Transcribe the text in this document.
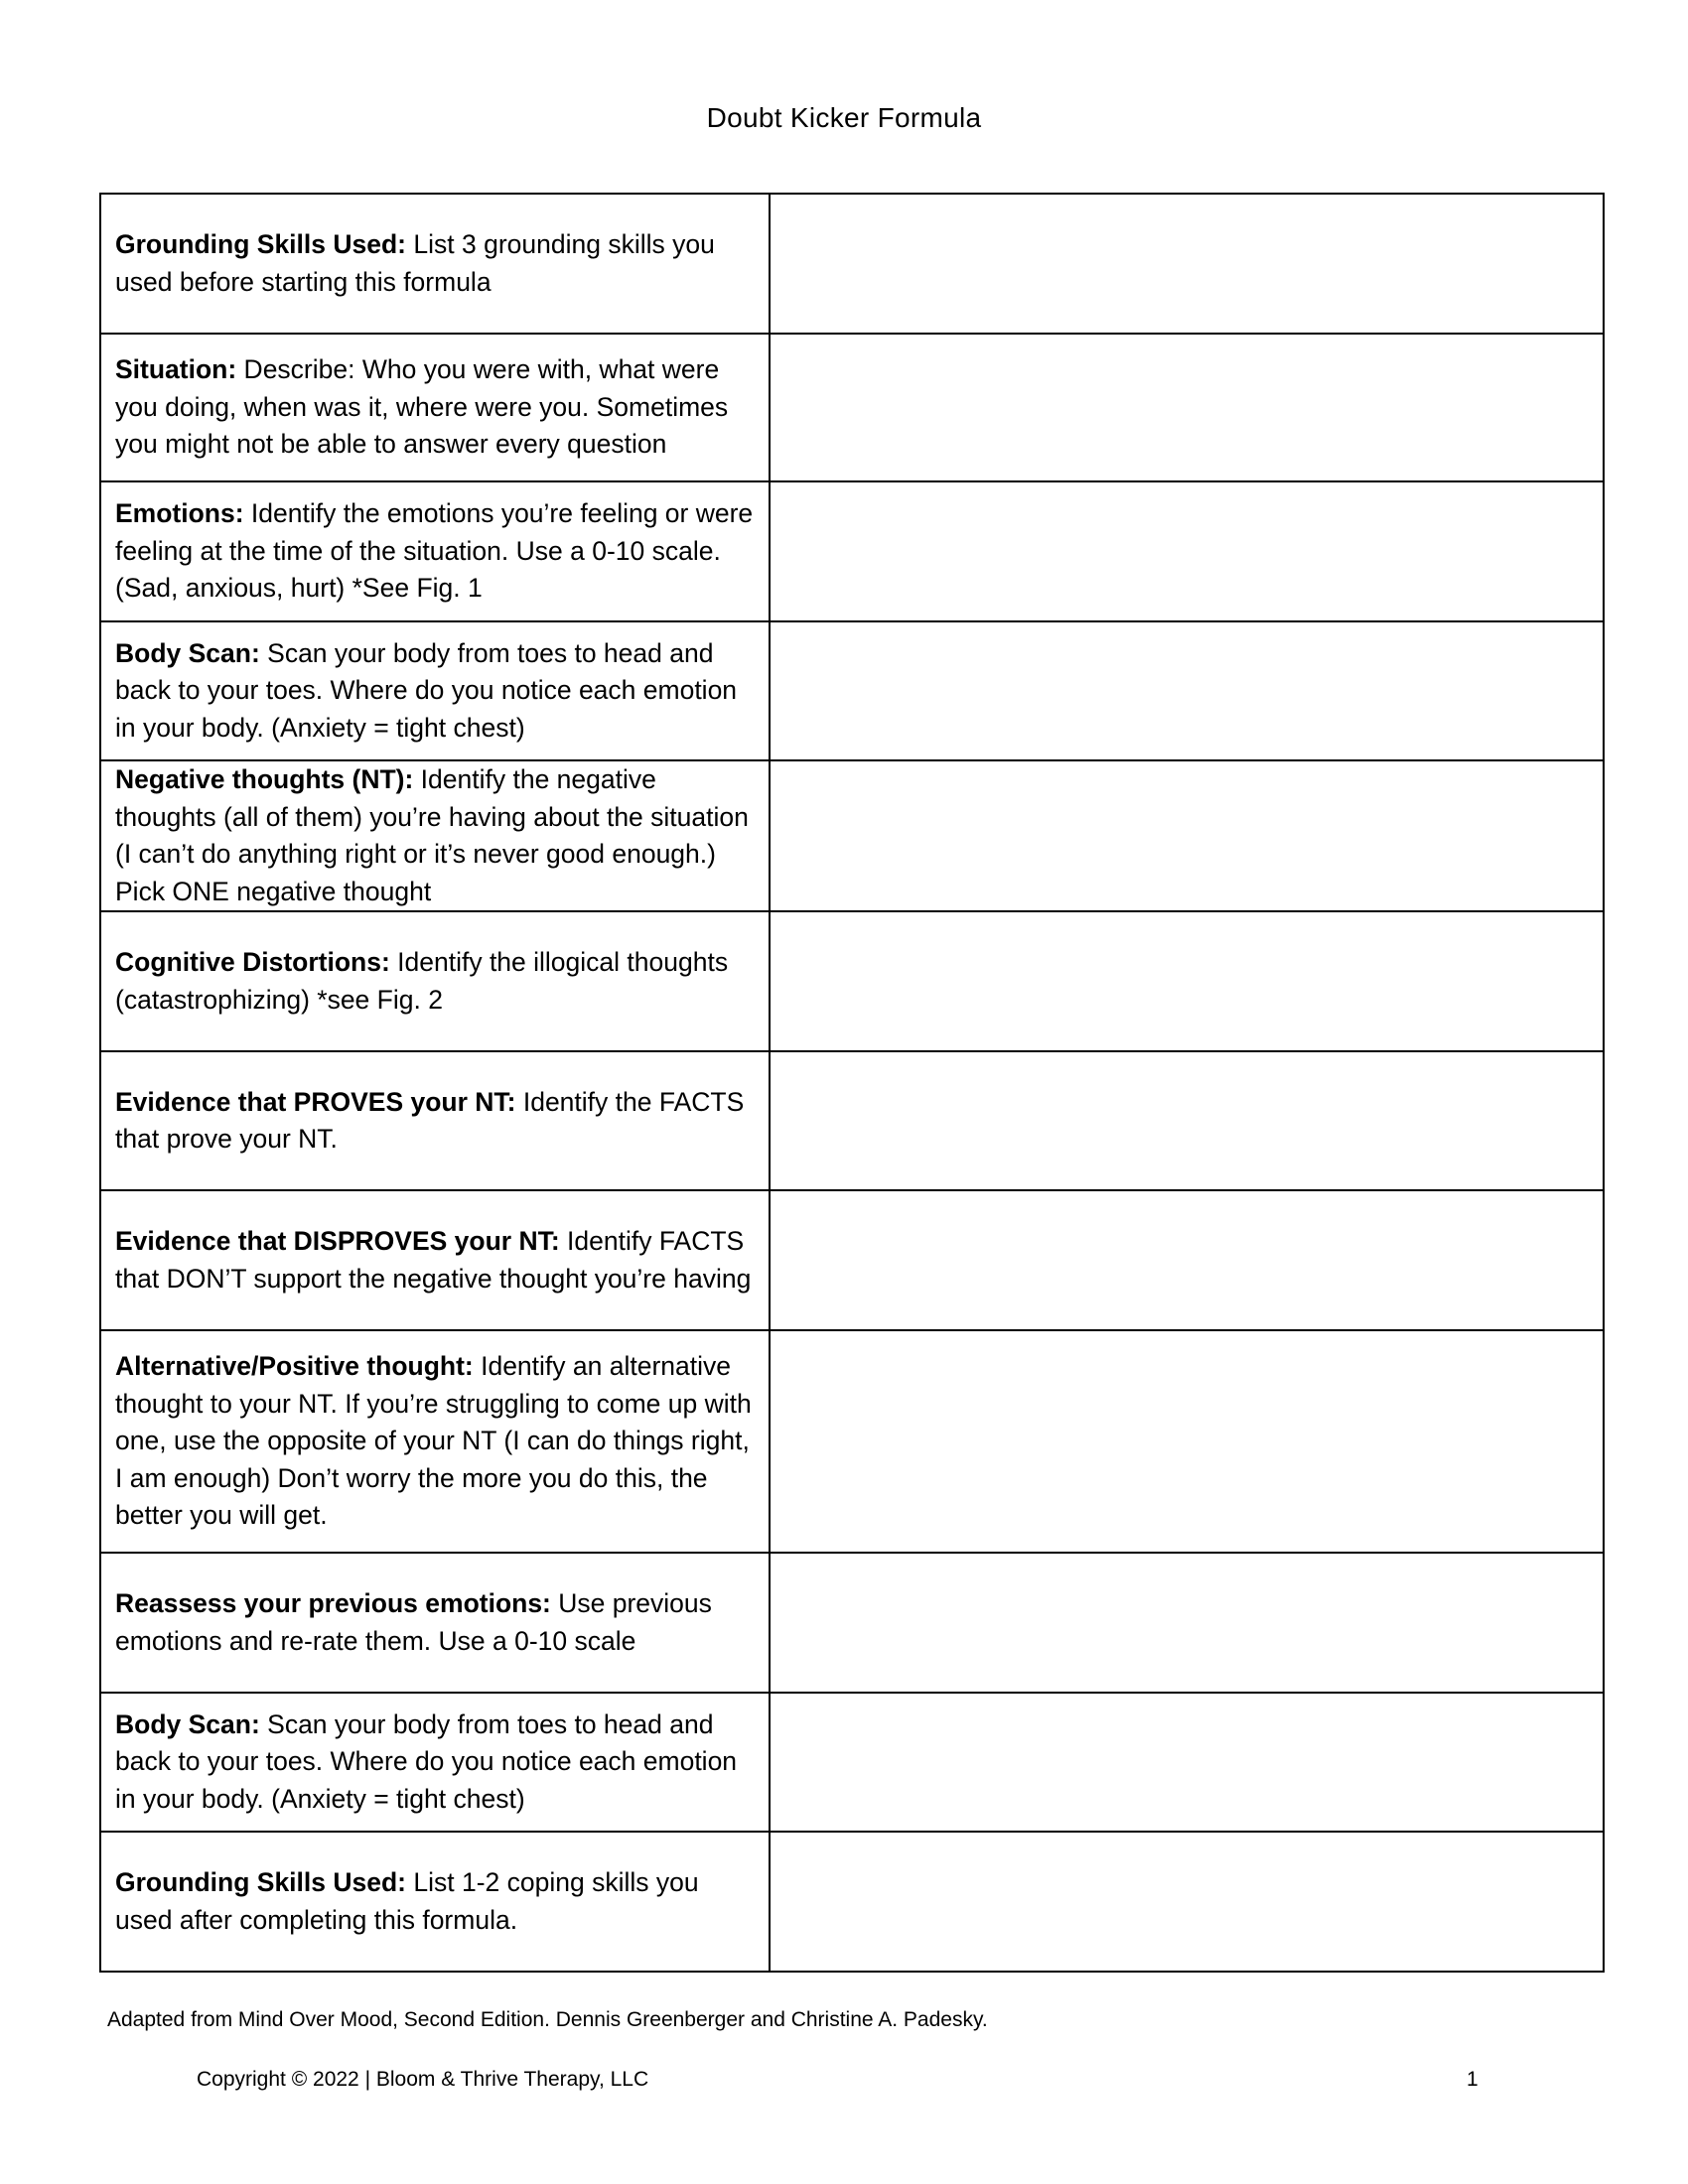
Doubt Kicker Formula
Grounding Skills Used: List 3 grounding skills you used before starting this formula	
Situation: Describe: Who you were with, what were you doing, when was it, where were you. Sometimes you might not be able to answer every question	
Emotions: Identify the emotions you’re feeling or were feeling at the time of the situation. Use a 0-10 scale. (Sad, anxious, hurt) *See Fig. 1	
Body Scan: Scan your body from toes to head and back to your toes. Where do you notice each emotion in your body. (Anxiety = tight chest)	
Negative thoughts (NT): Identify the negative thoughts (all of them) you’re having about the situation (I can’t do anything right or it’s never good enough.) Pick ONE negative thought	
Cognitive Distortions: Identify the illogical thoughts (catastrophizing) *see Fig. 2	
Evidence that PROVES your NT: Identify the FACTS that prove your NT.	
Evidence that DISPROVES your NT: Identify FACTS that DON’T support the negative thought you’re having	
Alternative/Positive thought: Identify an alternative thought to your NT. If you’re struggling to come up with one, use the opposite of your NT (I can do things right, I am enough) Don’t worry the more you do this, the better you will get.	
Reassess your previous emotions: Use previous emotions and re-rate them. Use a 0-10 scale	
Body Scan: Scan your body from toes to head and back to your toes. Where do you notice each emotion in your body. (Anxiety = tight chest)	
Grounding Skills Used: List 1-2 coping skills you used after completing this formula.	
Adapted from Mind Over Mood, Second Edition. Dennis Greenberger and Christine A. Padesky.
Copyright © 2022 | Bloom & Thrive Therapy, LLC	1
